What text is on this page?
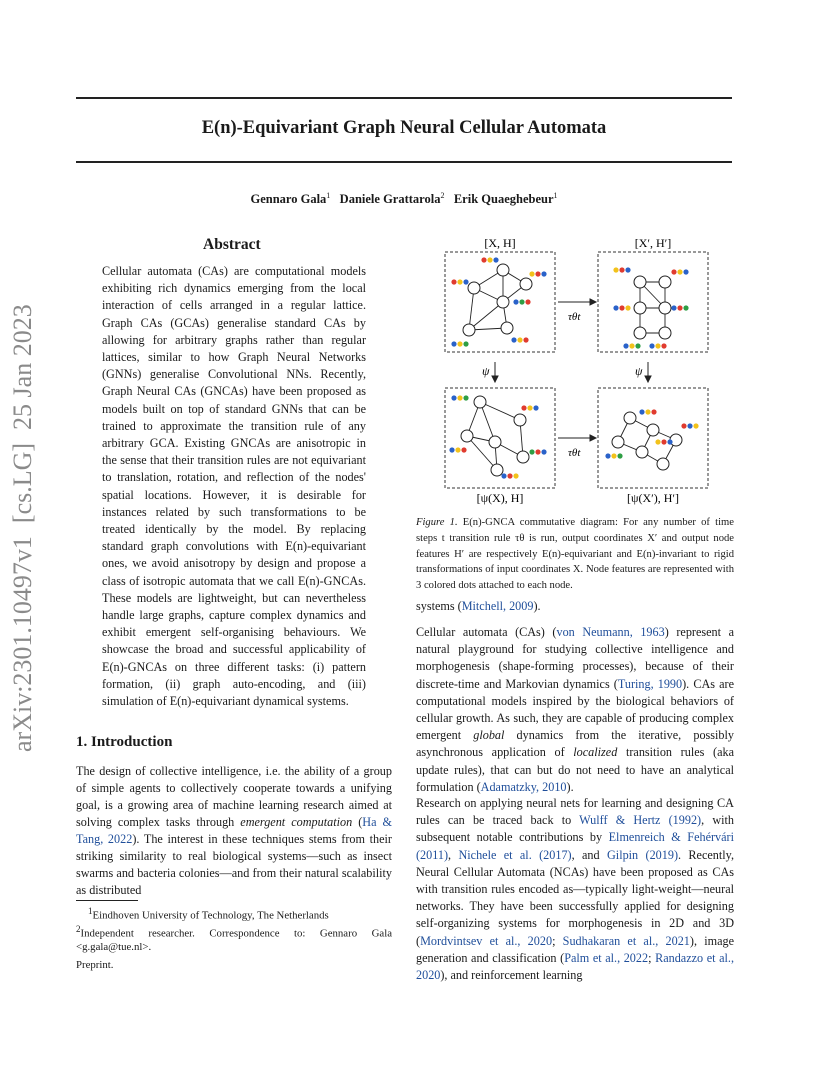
E(n)-Equivariant Graph Neural Cellular Automata
Gennaro Gala$^1$ Daniele Grattarola$^2$ Erik Quaeghebeur$^1$
arXiv:2301.10497v1  [cs.LG]  25 Jan 2023
Abstract
Cellular automata (CAs) are computational models exhibiting rich dynamics emerging from the local interaction of cells arranged in a regular lattice. Graph CAs (GCAs) generalise standard CAs by allowing for arbitrary graphs rather than regular lattices, similar to how Graph Neural Networks (GNNs) generalise Convolutional NNs. Recently, Graph Neural CAs (GNCAs) have been proposed as models built on top of standard GNNs that can be trained to approximate the transition rule of any arbitrary GCA. Existing GNCAs are anisotropic in the sense that their transition rules are not equivariant to translation, rotation, and reflection of the nodes' spatial locations. However, it is desirable for instances related by such transformations to be treated identically by the model. By replacing standard graph convolutions with E(n)-equivariant ones, we avoid anisotropy by design and propose a class of isotropic automata that we call E(n)-GNCAs. These models are lightweight, but can nevertheless handle large graphs, capture complex dynamics and exhibit emergent self-organising behaviours. We showcase the broad and successful applicability of E(n)-GNCAs on three different tasks: (i) pattern formation, (ii) graph auto-encoding, and (iii) simulation of E(n)-equivariant dynamical systems.
1. Introduction
The design of collective intelligence, i.e. the ability of a group of simple agents to collectively cooperate towards a unifying goal, is a growing area of machine learning research aimed at solving complex tasks through emergent computation (Ha & Tang, 2022). The interest in these techniques stems from their striking similarity to real biological systems—such as insect swarms and bacteria colonies—and from their natural scalability as distributed
$^1$Eindhoven University of Technology, The Netherlands
$^2$Independent researcher. Correspondence to: Gennaro Gala <g.gala@tue.nl>.
Preprint.
[X, H]	[X′, H′]
[ψ(X), H]	[ψ(X′), H′]
τθt
τθt
ψ	ψ
Figure 1. E(n)-GNCA commutative diagram: For any number of time steps t transition rule τθ is run, output coordinates X′ and output node features H′ are respectively E(n)-equivariant and E(n)-invariant to rigid transformations of input coordinates X. Node features are represented with 3 colored dots attached to each node.
systems (Mitchell, 2009).
Cellular automata (CAs) (von Neumann, 1963) represent a natural playground for studying collective intelligence and morphogenesis (shape-forming processes), because of their discrete-time and Markovian dynamics (Turing, 1990). CAs are computational models inspired by the biological behaviors of cellular growth. As such, they are capable of producing complex emergent global dynamics from the iterative, possibly asynchronous application of localized transition rules (aka update rules), that can but do not need to have an analytical formulation (Adamatzky, 2010).
Research on applying neural nets for learning and designing CA rules can be traced back to Wulff & Hertz (1992), with subsequent notable contributions by Elmenreich & Fehérvári (2011), Nichele et al. (2017), and Gilpin (2019). Recently, Neural Cellular Automata (NCAs) have been proposed as CAs with transition rules encoded as—typically light-weight—neural networks. They have been successfully applied for designing self-organizing systems for morphogenesis in 2D and 3D (Mordvintsev et al., 2020; Sudhakaran et al., 2021), image generation and classification (Palm et al., 2022; Randazzo et al., 2020), and reinforcement learning
